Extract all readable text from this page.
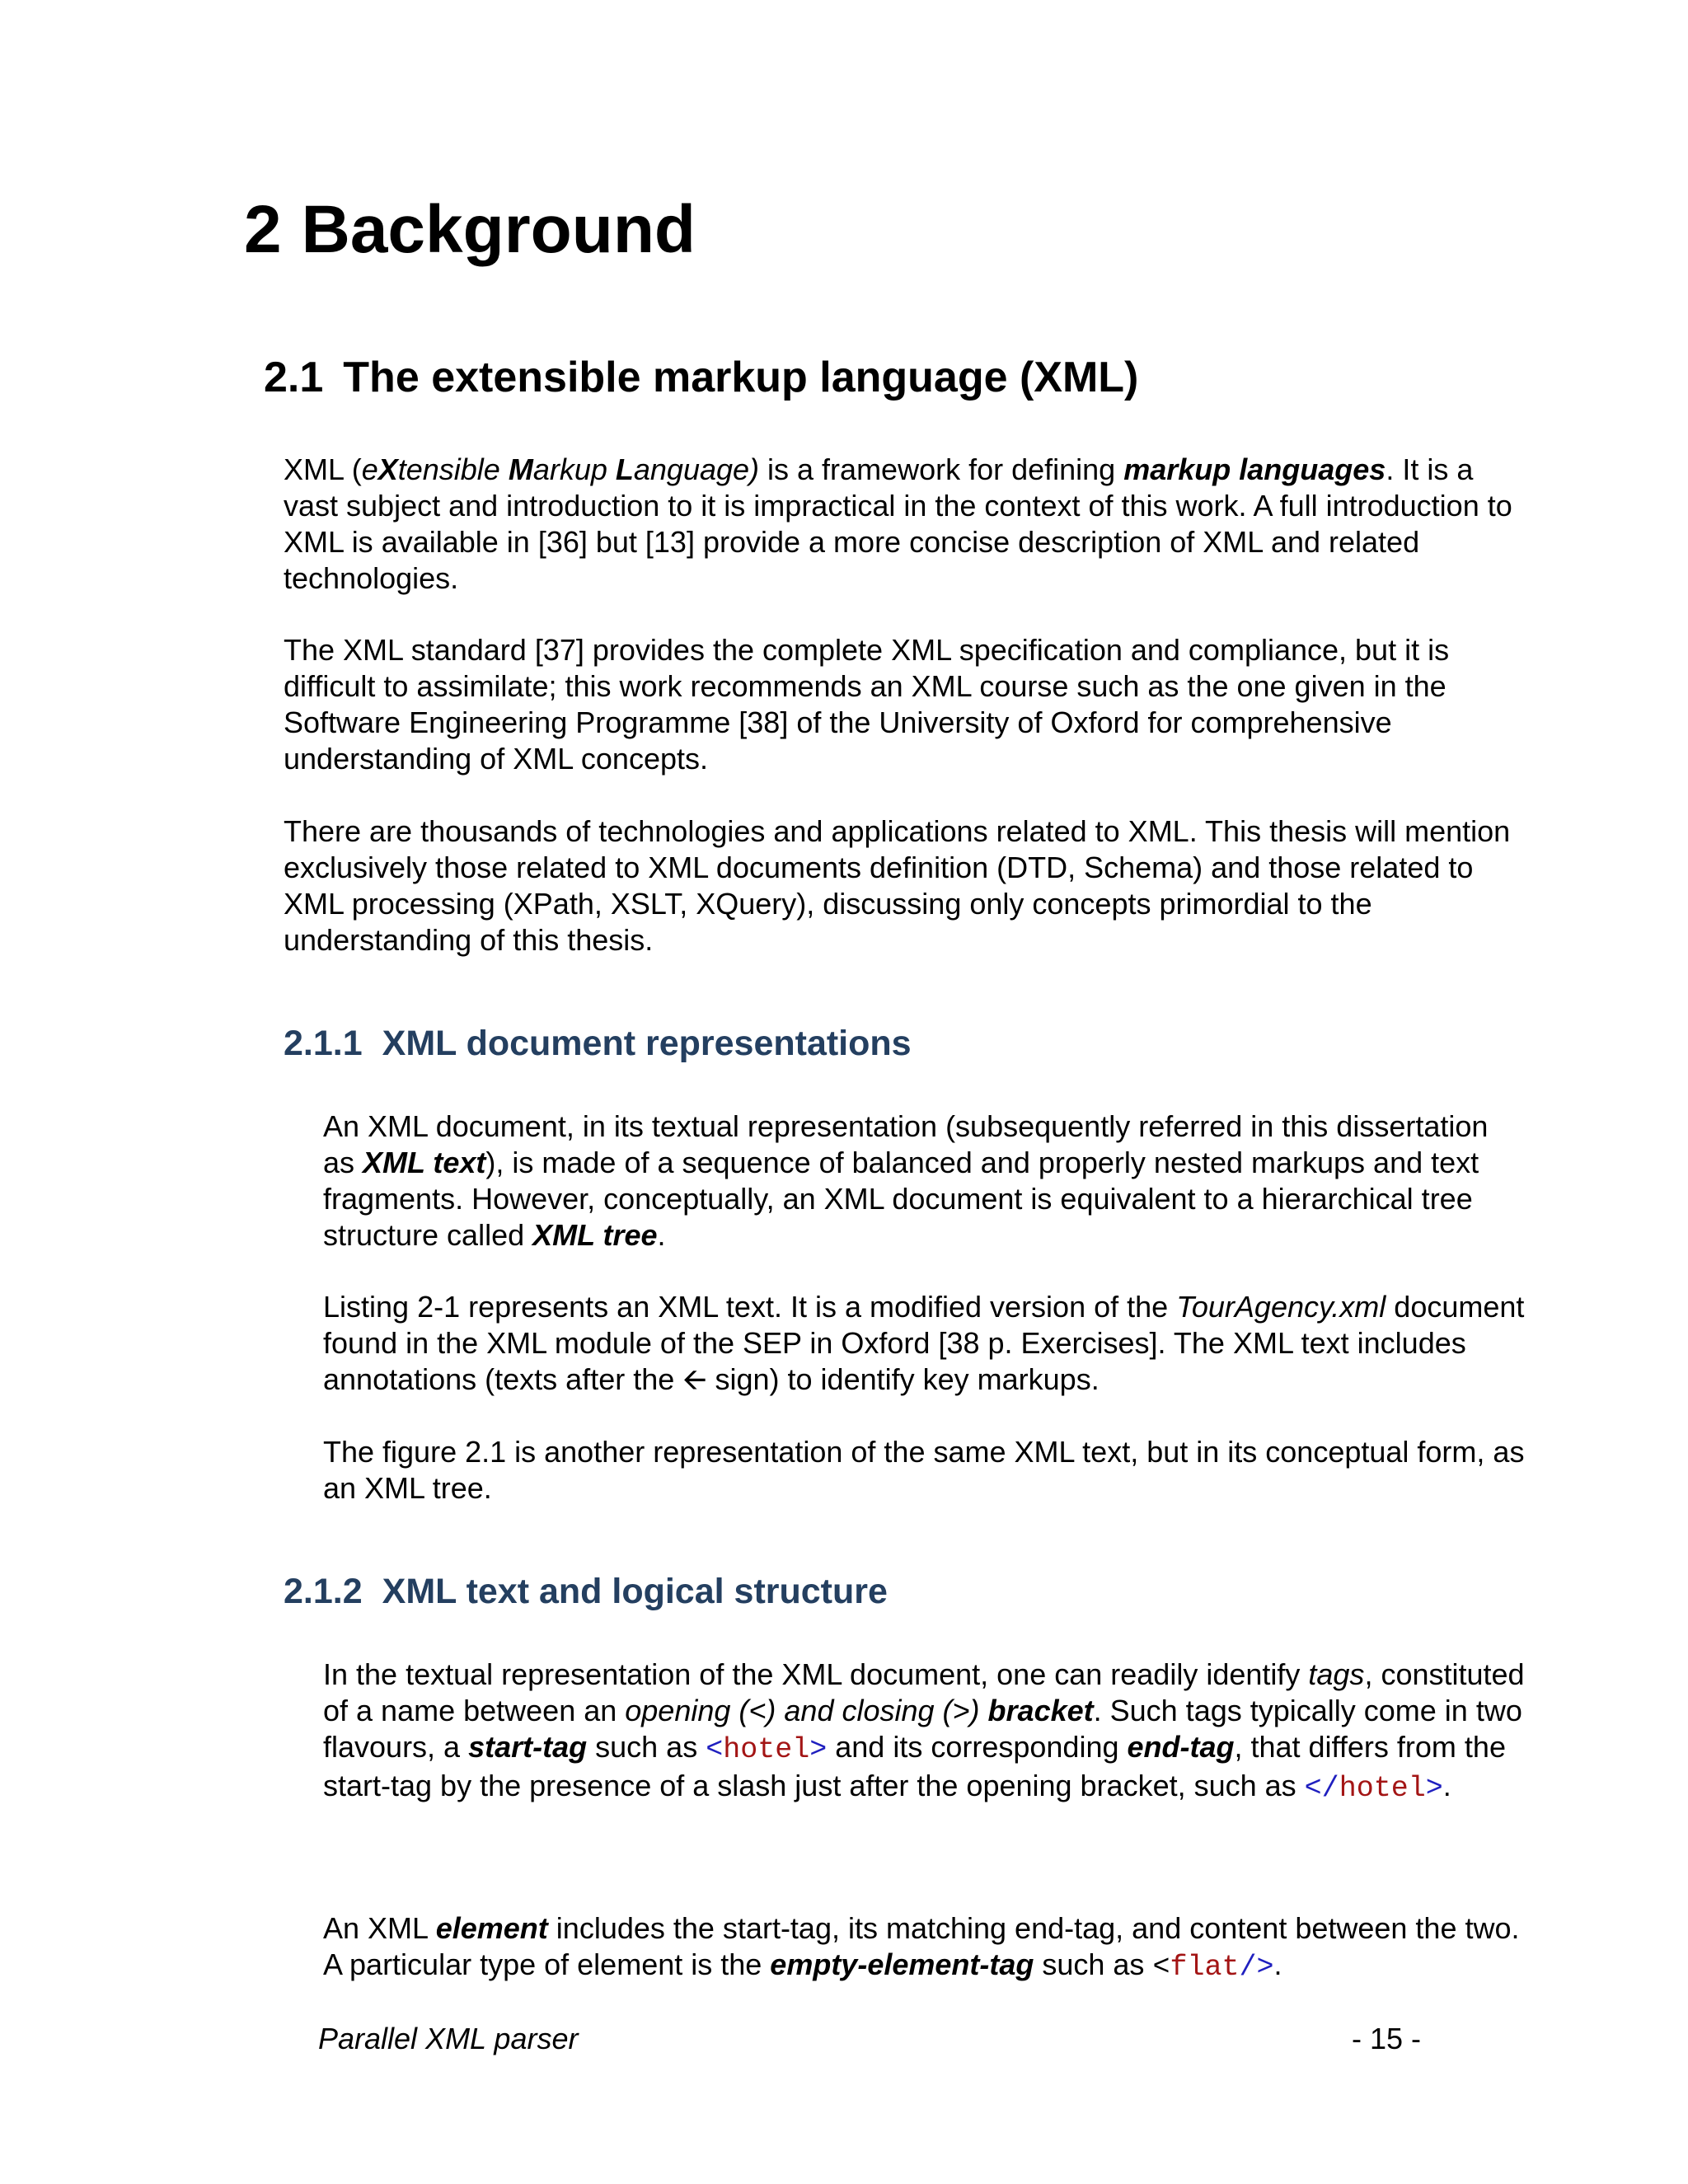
2 Background
2.1 The extensible markup language (XML)

XML (eXtensible Markup Language) is a framework for defining markup languages. It is a vast subject and introduction to it is impractical in the context of this work. A full introduction to XML is available in [36] but [13] provide a more concise description of XML and related technologies.

The XML standard [37] provides the complete XML specification and compliance, but it is difficult to assimilate; this work recommends an XML course such as the one given in the Software Engineering Programme [38] of the University of Oxford for comprehensive understanding of XML concepts.

There are thousands of technologies and applications related to XML. This thesis will mention exclusively those related to XML documents definition (DTD, Schema) and those related to XML processing (XPath, XSLT, XQuery), discussing only concepts primordial to the understanding of this thesis.

2.1.1 XML document representations

An XML document, in its textual representation (subsequently referred in this dissertation as XML text), is made of a sequence of balanced and properly nested markups and text fragments. However, conceptually, an XML document is equivalent to a hierarchical tree structure called XML tree.

Listing 2-1 represents an XML text. It is a modified version of the TourAgency.xml document found in the XML module of the SEP in Oxford [38 p. Exercises]. The XML text includes annotations (texts after the 🡨 sign) to identify key markups.

The figure 2.1 is another representation of the same XML text, but in its conceptual form, as an XML tree.

2.1.2 XML text and logical structure

In the textual representation of the XML document, one can readily identify tags, constituted of a name between an opening (<) and closing (>) bracket. Such tags typically come in two flavours, a start-tag such as <hotel> and its corresponding end-tag, that differs from the start-tag by the presence of a slash just after the opening bracket, such as </hotel>.

An XML element includes the start-tag, its matching end-tag, and content between the two. A particular type of element is the empty-element-tag such as <flat/>.

Parallel XML parser	- 15 -
